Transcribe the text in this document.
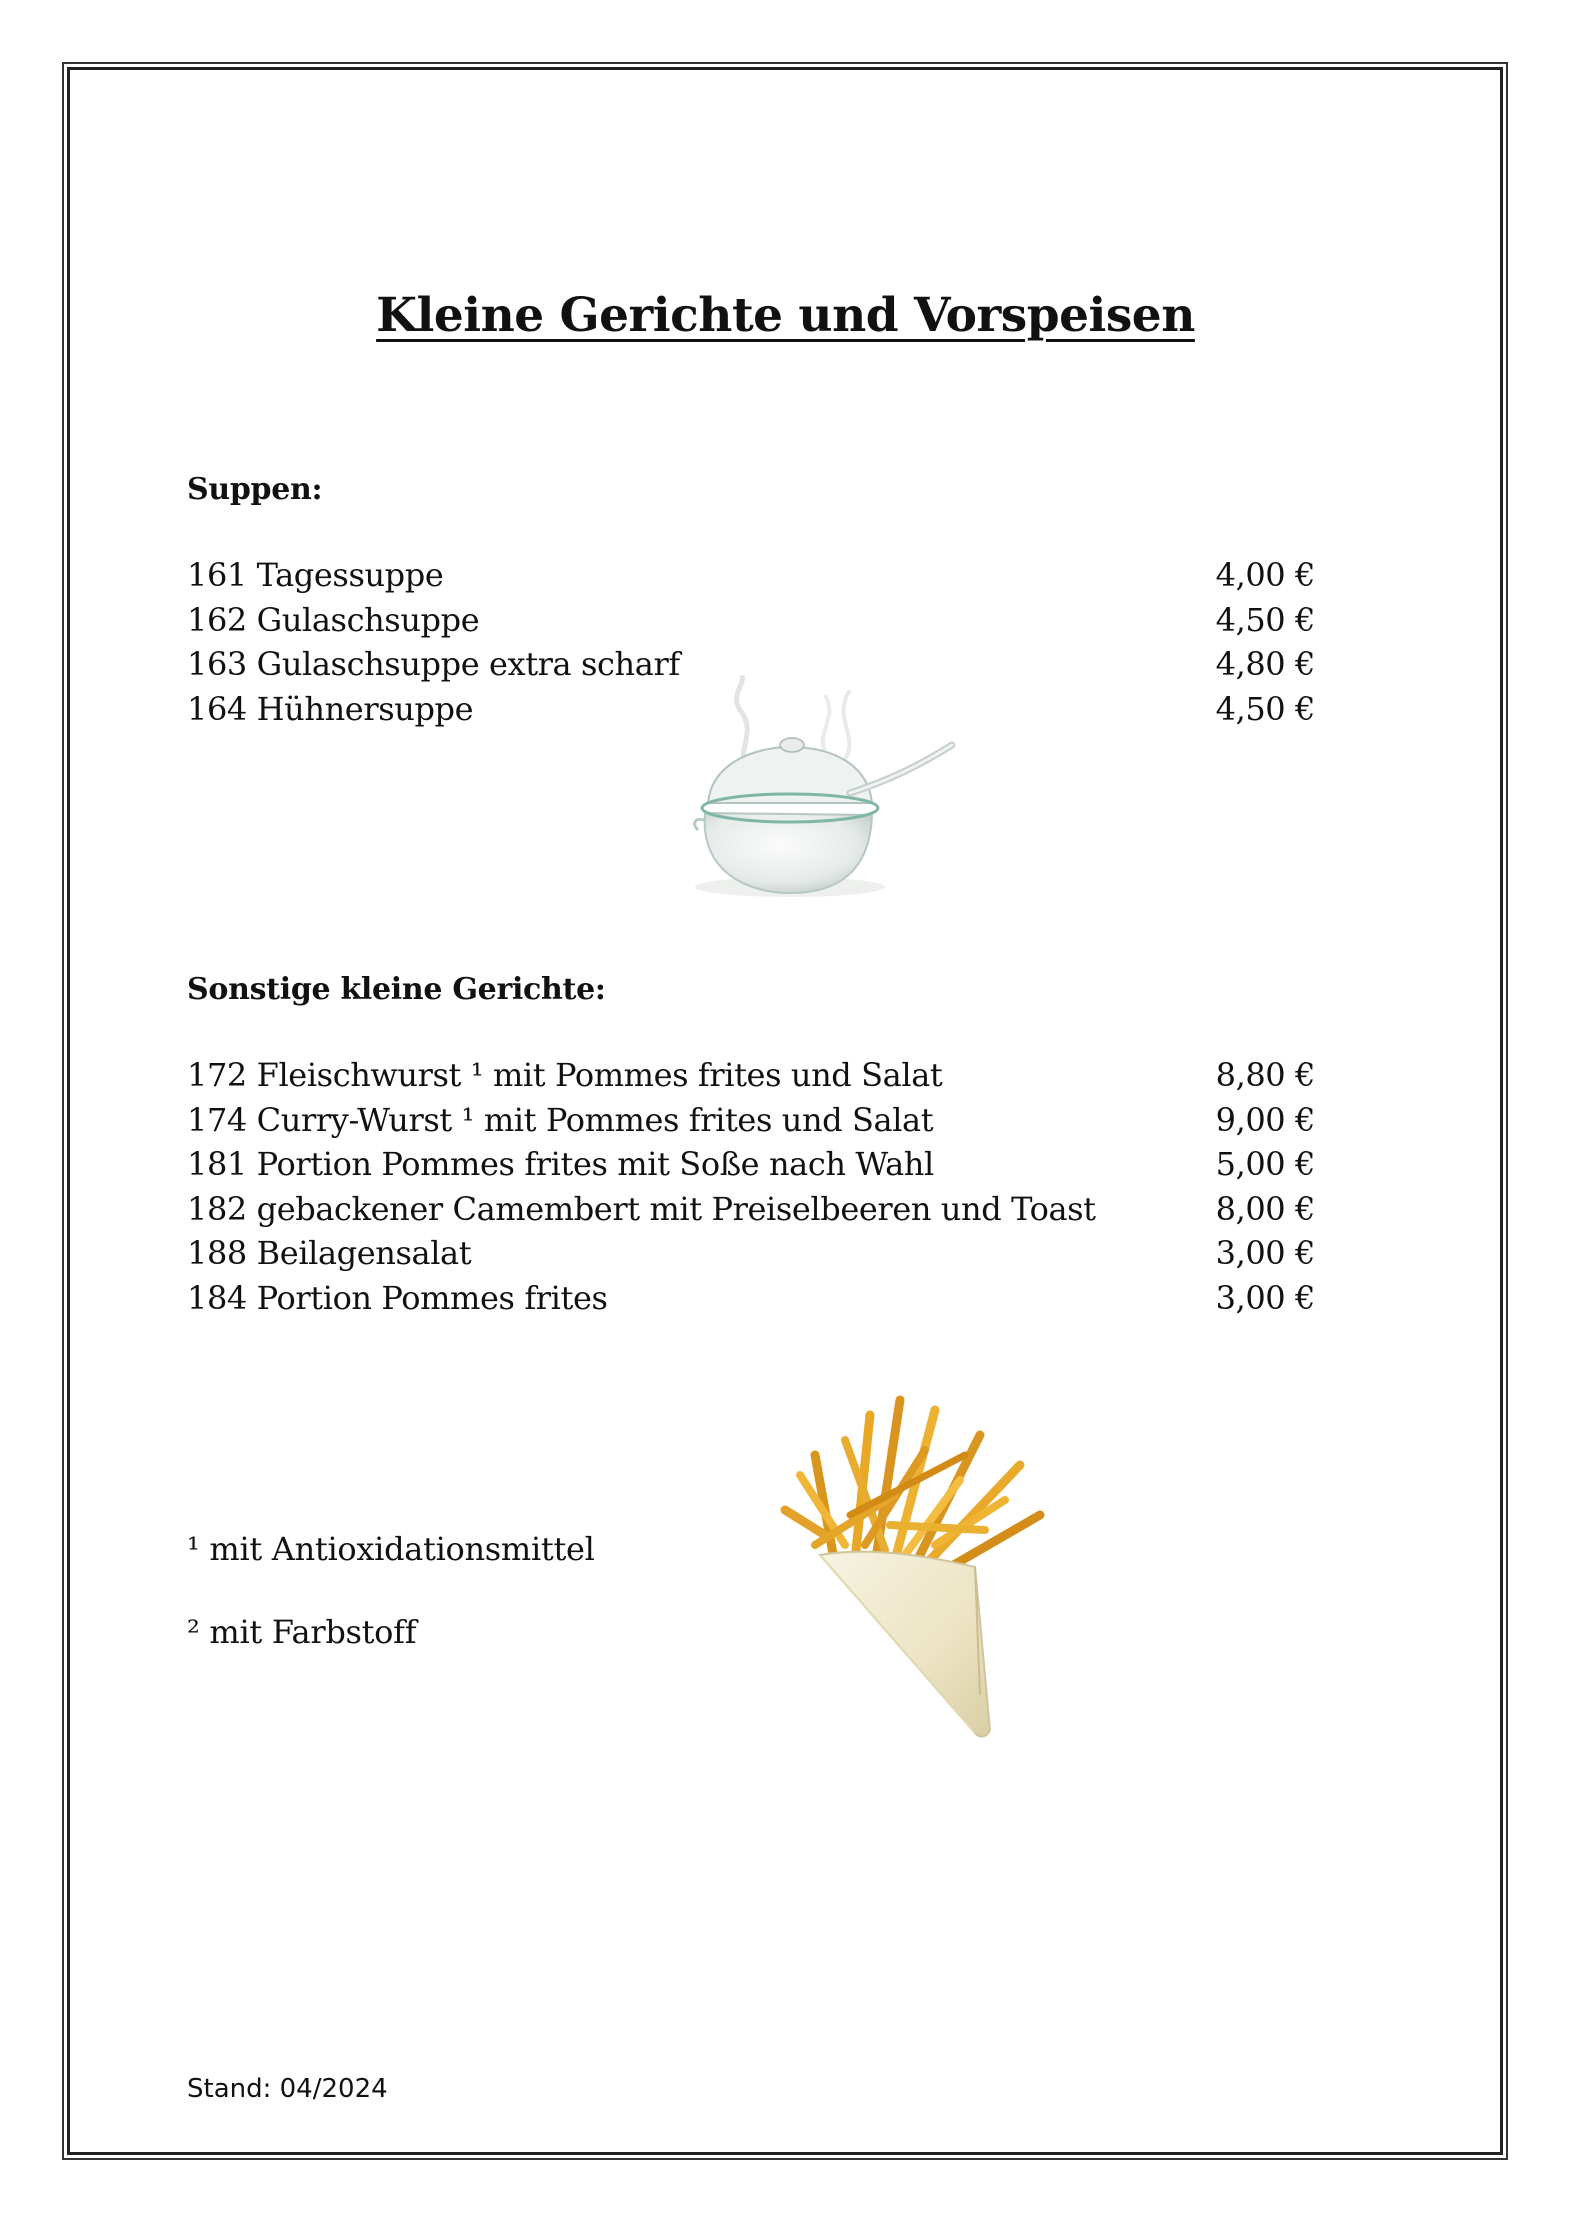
Kleine Gerichte und Vorspeisen
Suppen:
161 Tagessuppe	4,00 €
162 Gulaschsuppe	4,50 €
163 Gulaschsuppe extra scharf	4,80 €
164 Hühnersuppe	4,50 €
Sonstige kleine Gerichte:
172 Fleischwurst ¹ mit Pommes frites und Salat	8,80 €
174 Curry-Wurst ¹ mit Pommes frites und Salat	9,00 €
181 Portion Pommes frites mit Soße nach Wahl	5,00 €
182 gebackener Camembert mit Preiselbeeren und Toast	8,00 €
188 Beilagensalat	3,00 €
184 Portion Pommes frites	3,00 €
¹ mit Antioxidationsmittel
² mit Farbstoff
Stand: 04/2024
